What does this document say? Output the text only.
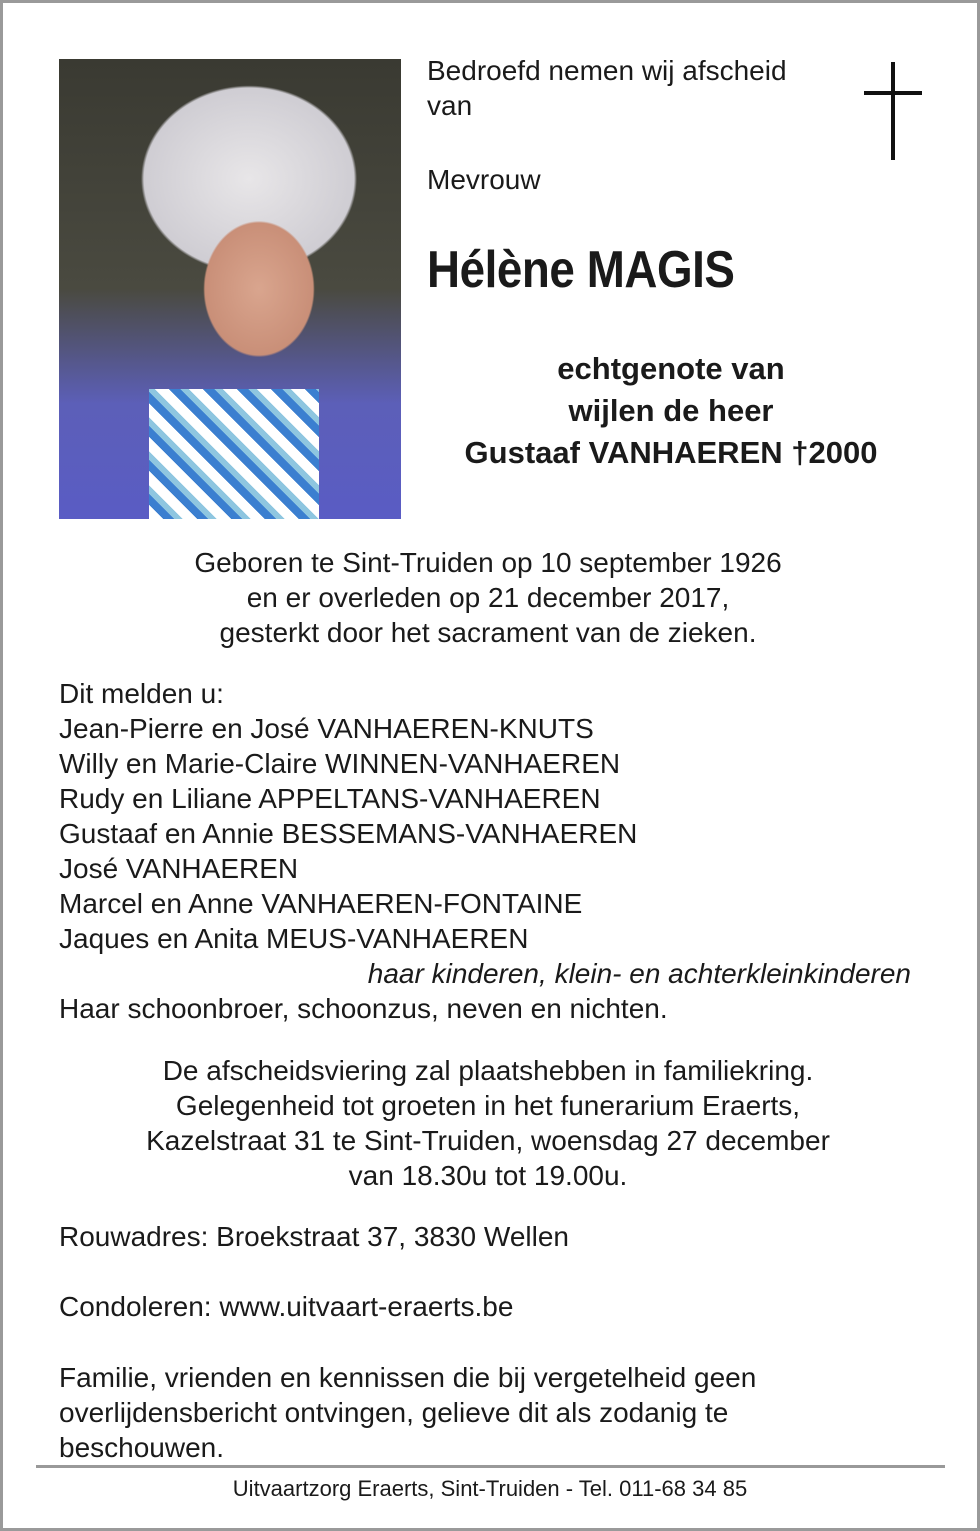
Bedroefd nemen wij afscheid
van
Mevrouw
Hélène MAGIS
echtgenote van
wijlen de heer
Gustaaf VANHAEREN †2000
Geboren te Sint-Truiden op 10 september 1926
en er overleden op 21 december 2017,
gesterkt door het sacrament van de zieken.
Dit melden u:
Jean-Pierre en José VANHAEREN-KNUTS
Willy en Marie-Claire WINNEN-VANHAEREN
Rudy en Liliane APPELTANS-VANHAEREN
Gustaaf en Annie BESSEMANS-VANHAEREN
José VANHAEREN
Marcel en Anne VANHAEREN-FONTAINE
Jaques en Anita MEUS-VANHAEREN
haar kinderen, klein- en achterkleinkinderen
Haar schoonbroer, schoonzus, neven en nichten.
De afscheidsviering zal plaatshebben in familiekring.
Gelegenheid tot groeten in het funerarium Eraerts,
Kazelstraat 31 te Sint-Truiden, woensdag 27 december
van 18.30u tot 19.00u.
Rouwadres: Broekstraat 37, 3830 Wellen
Condoleren: www.uitvaart-eraerts.be
Familie, vrienden en kennissen die bij vergetelheid geen
overlijdensbericht ontvingen, gelieve dit als zodanig te
beschouwen.
Uitvaartzorg Eraerts, Sint-Truiden - Tel. 011-68 34 85
